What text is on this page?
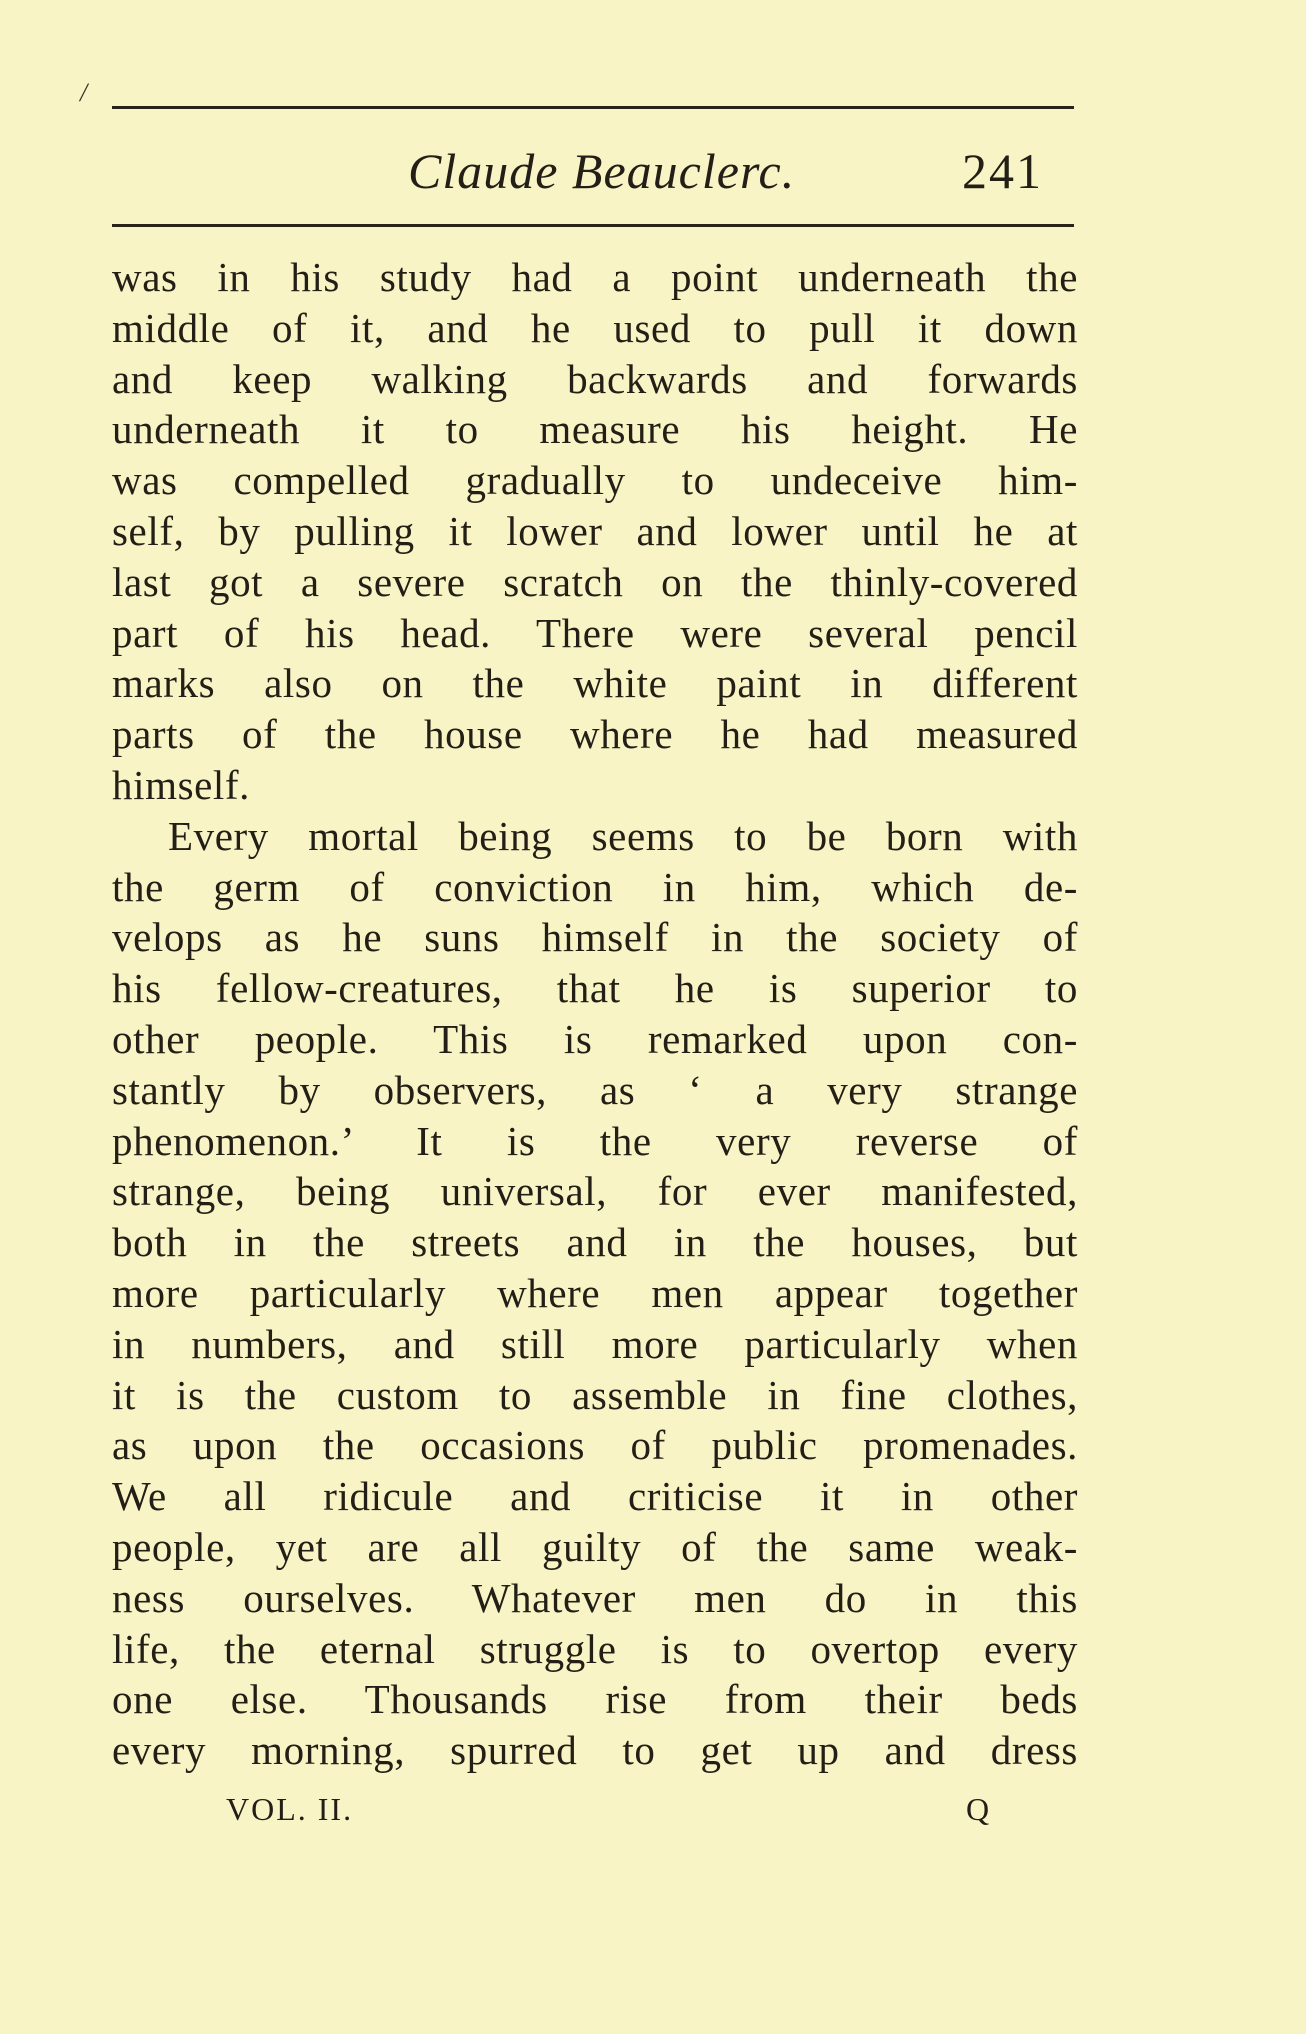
/
Claude Beauclerc.	241
was in his study had a point underneath the
middle of it, and he used to pull it down
and keep walking backwards and forwards
underneath it to measure his height. He
was compelled gradually to undeceive him-
self, by pulling it lower and lower until he at
last got a severe scratch on the thinly-covered
part of his head. There were several pencil
marks also on the white paint in different
parts of the house where he had measured
himself.
Every mortal being seems to be born with
the germ of conviction in him, which de-
velops as he suns himself in the society of
his fellow-creatures, that he is superior to
other people. This is remarked upon con-
stantly by observers, as ‘ a very strange
phenomenon.’ It is the very reverse of
strange, being universal, for ever manifested,
both in the streets and in the houses, but
more particularly where men appear together
in numbers, and still more particularly when
it is the custom to assemble in fine clothes,
as upon the occasions of public promenades.
We all ridicule and criticise it in other
people, yet are all guilty of the same weak-
ness ourselves. Whatever men do in this
life, the eternal struggle is to overtop every
one else. Thousands rise from their beds
every morning, spurred to get up and dress
VOL. II.	Q
